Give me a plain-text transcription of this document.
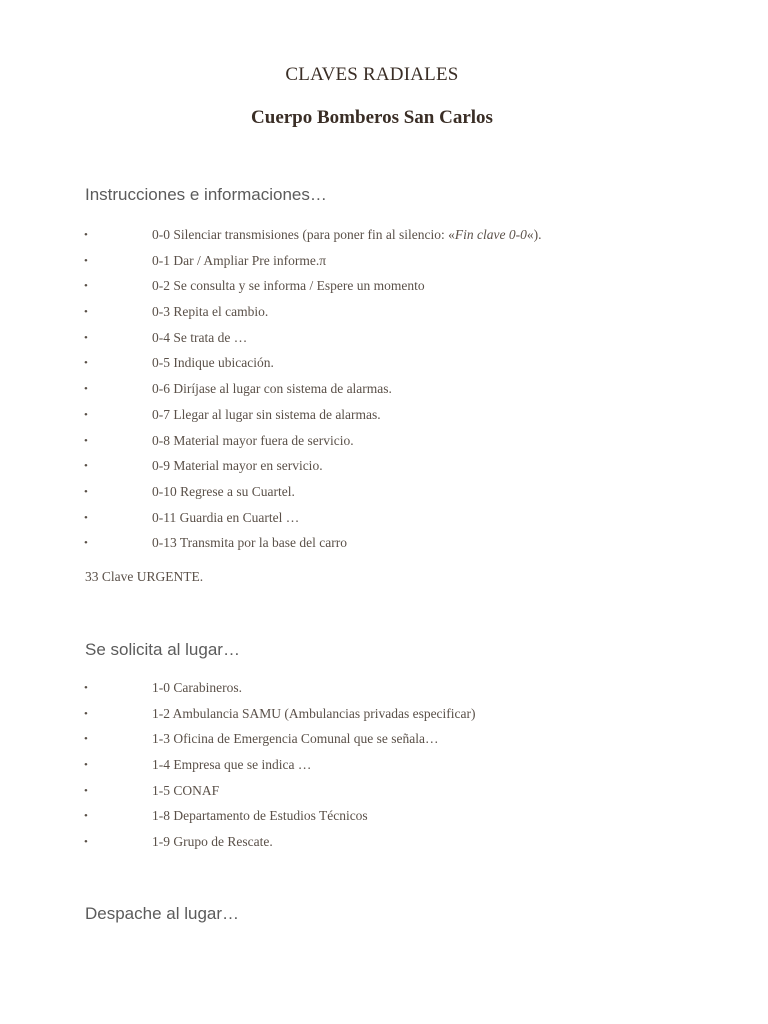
CLAVES RADIALES
Cuerpo Bomberos San Carlos
Instrucciones e informaciones…
•	0-0 Silenciar transmisiones (para poner fin al silencio: «Fin clave 0-0«).
•	0-1 Dar / Ampliar Pre informe.π
•	0-2 Se consulta y se informa / Espere un momento
•	0-3 Repita el cambio.
•	0-4 Se trata de …
•	0-5 Indique ubicación.
•	0-6 Diríjase al lugar con sistema de alarmas.
•	0-7 Llegar al lugar sin sistema de alarmas.
•	0-8 Material mayor fuera de servicio.
•	0-9 Material mayor en servicio.
•	0-10 Regrese a su Cuartel.
•	0-11 Guardia en Cuartel …
•	0-13 Transmita por la base del carro

33 Clave URGENTE.

Se solicita al lugar…
•	1-0 Carabineros.
•	1-2 Ambulancia SAMU (Ambulancias privadas especificar)
•	1-3 Oficina de Emergencia Comunal que se señala…
•	1-4 Empresa que se indica …
•	1-5 CONAF
•	1-8 Departamento de Estudios Técnicos
•	1-9 Grupo de Rescate.
Despache al lugar…
